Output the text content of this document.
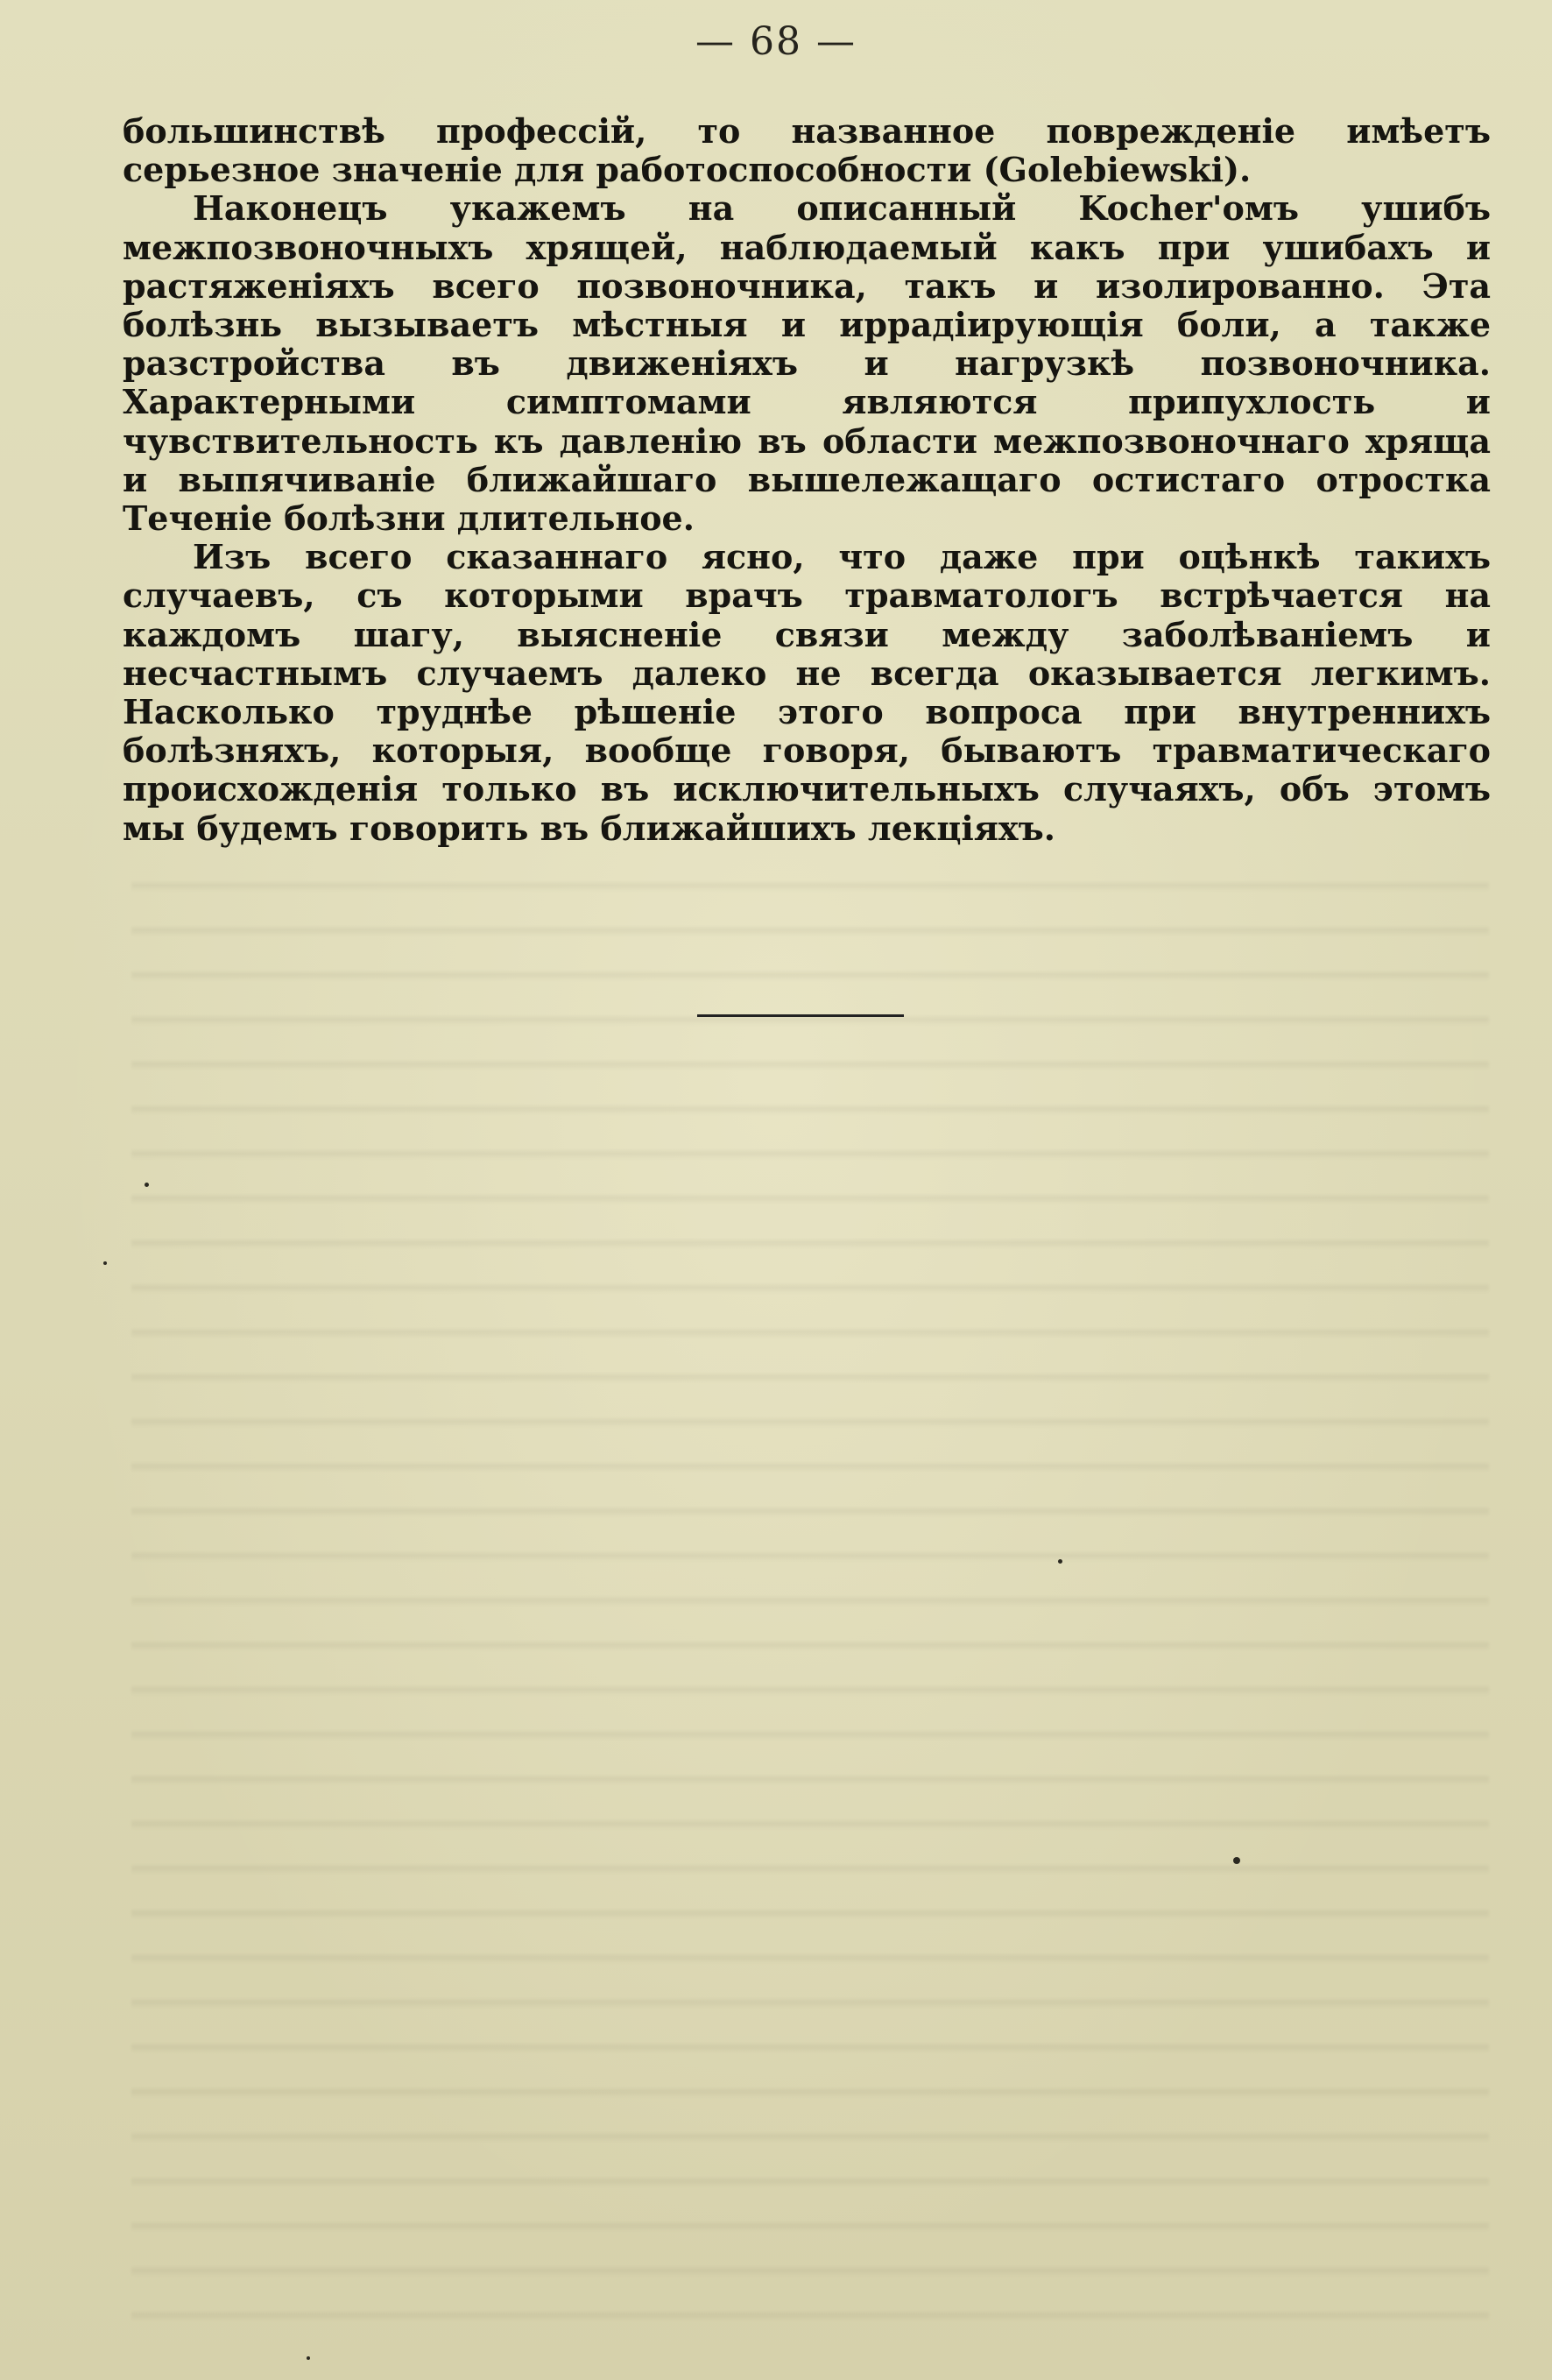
— 68 —

большинствѣ профессій, то названное поврежденіе имѣетъ серьезное значеніе для работоспособности (Golebiewski).

Наконецъ укажемъ на описанный Kocher'омъ ушибъ межпозвоночныхъ хрящей, наблюдаемый какъ при ушибахъ и растяженіяхъ всего позвоночника, такъ и изолированно. Эта болѣзнь вызываетъ мѣстныя и иррадіирующія боли, а также разстройства въ движеніяхъ и нагрузкѣ позвоночника. Характерными симптомами являются припухлость и чувствительность къ давленію въ области межпозвоночнаго хряща и выпячиваніе ближайшаго вышележащаго остистаго отростка Теченіе болѣзни длительное.

Изъ всего сказаннаго ясно, что даже при оцѣнкѣ такихъ случаевъ, съ которыми врачъ травматологъ встрѣчается на каждомъ шагу, выясненіе связи между заболѣваніемъ и несчастнымъ случаемъ далеко не всегда оказывается легкимъ. Насколько труднѣе рѣшеніе этого вопроса при внутреннихъ болѣзняхъ, которыя, вообще говоря, бываютъ травматическаго происхожденія только въ исключительныхъ случаяхъ, объ этомъ мы будемъ говорить въ ближайшихъ лекціяхъ.
